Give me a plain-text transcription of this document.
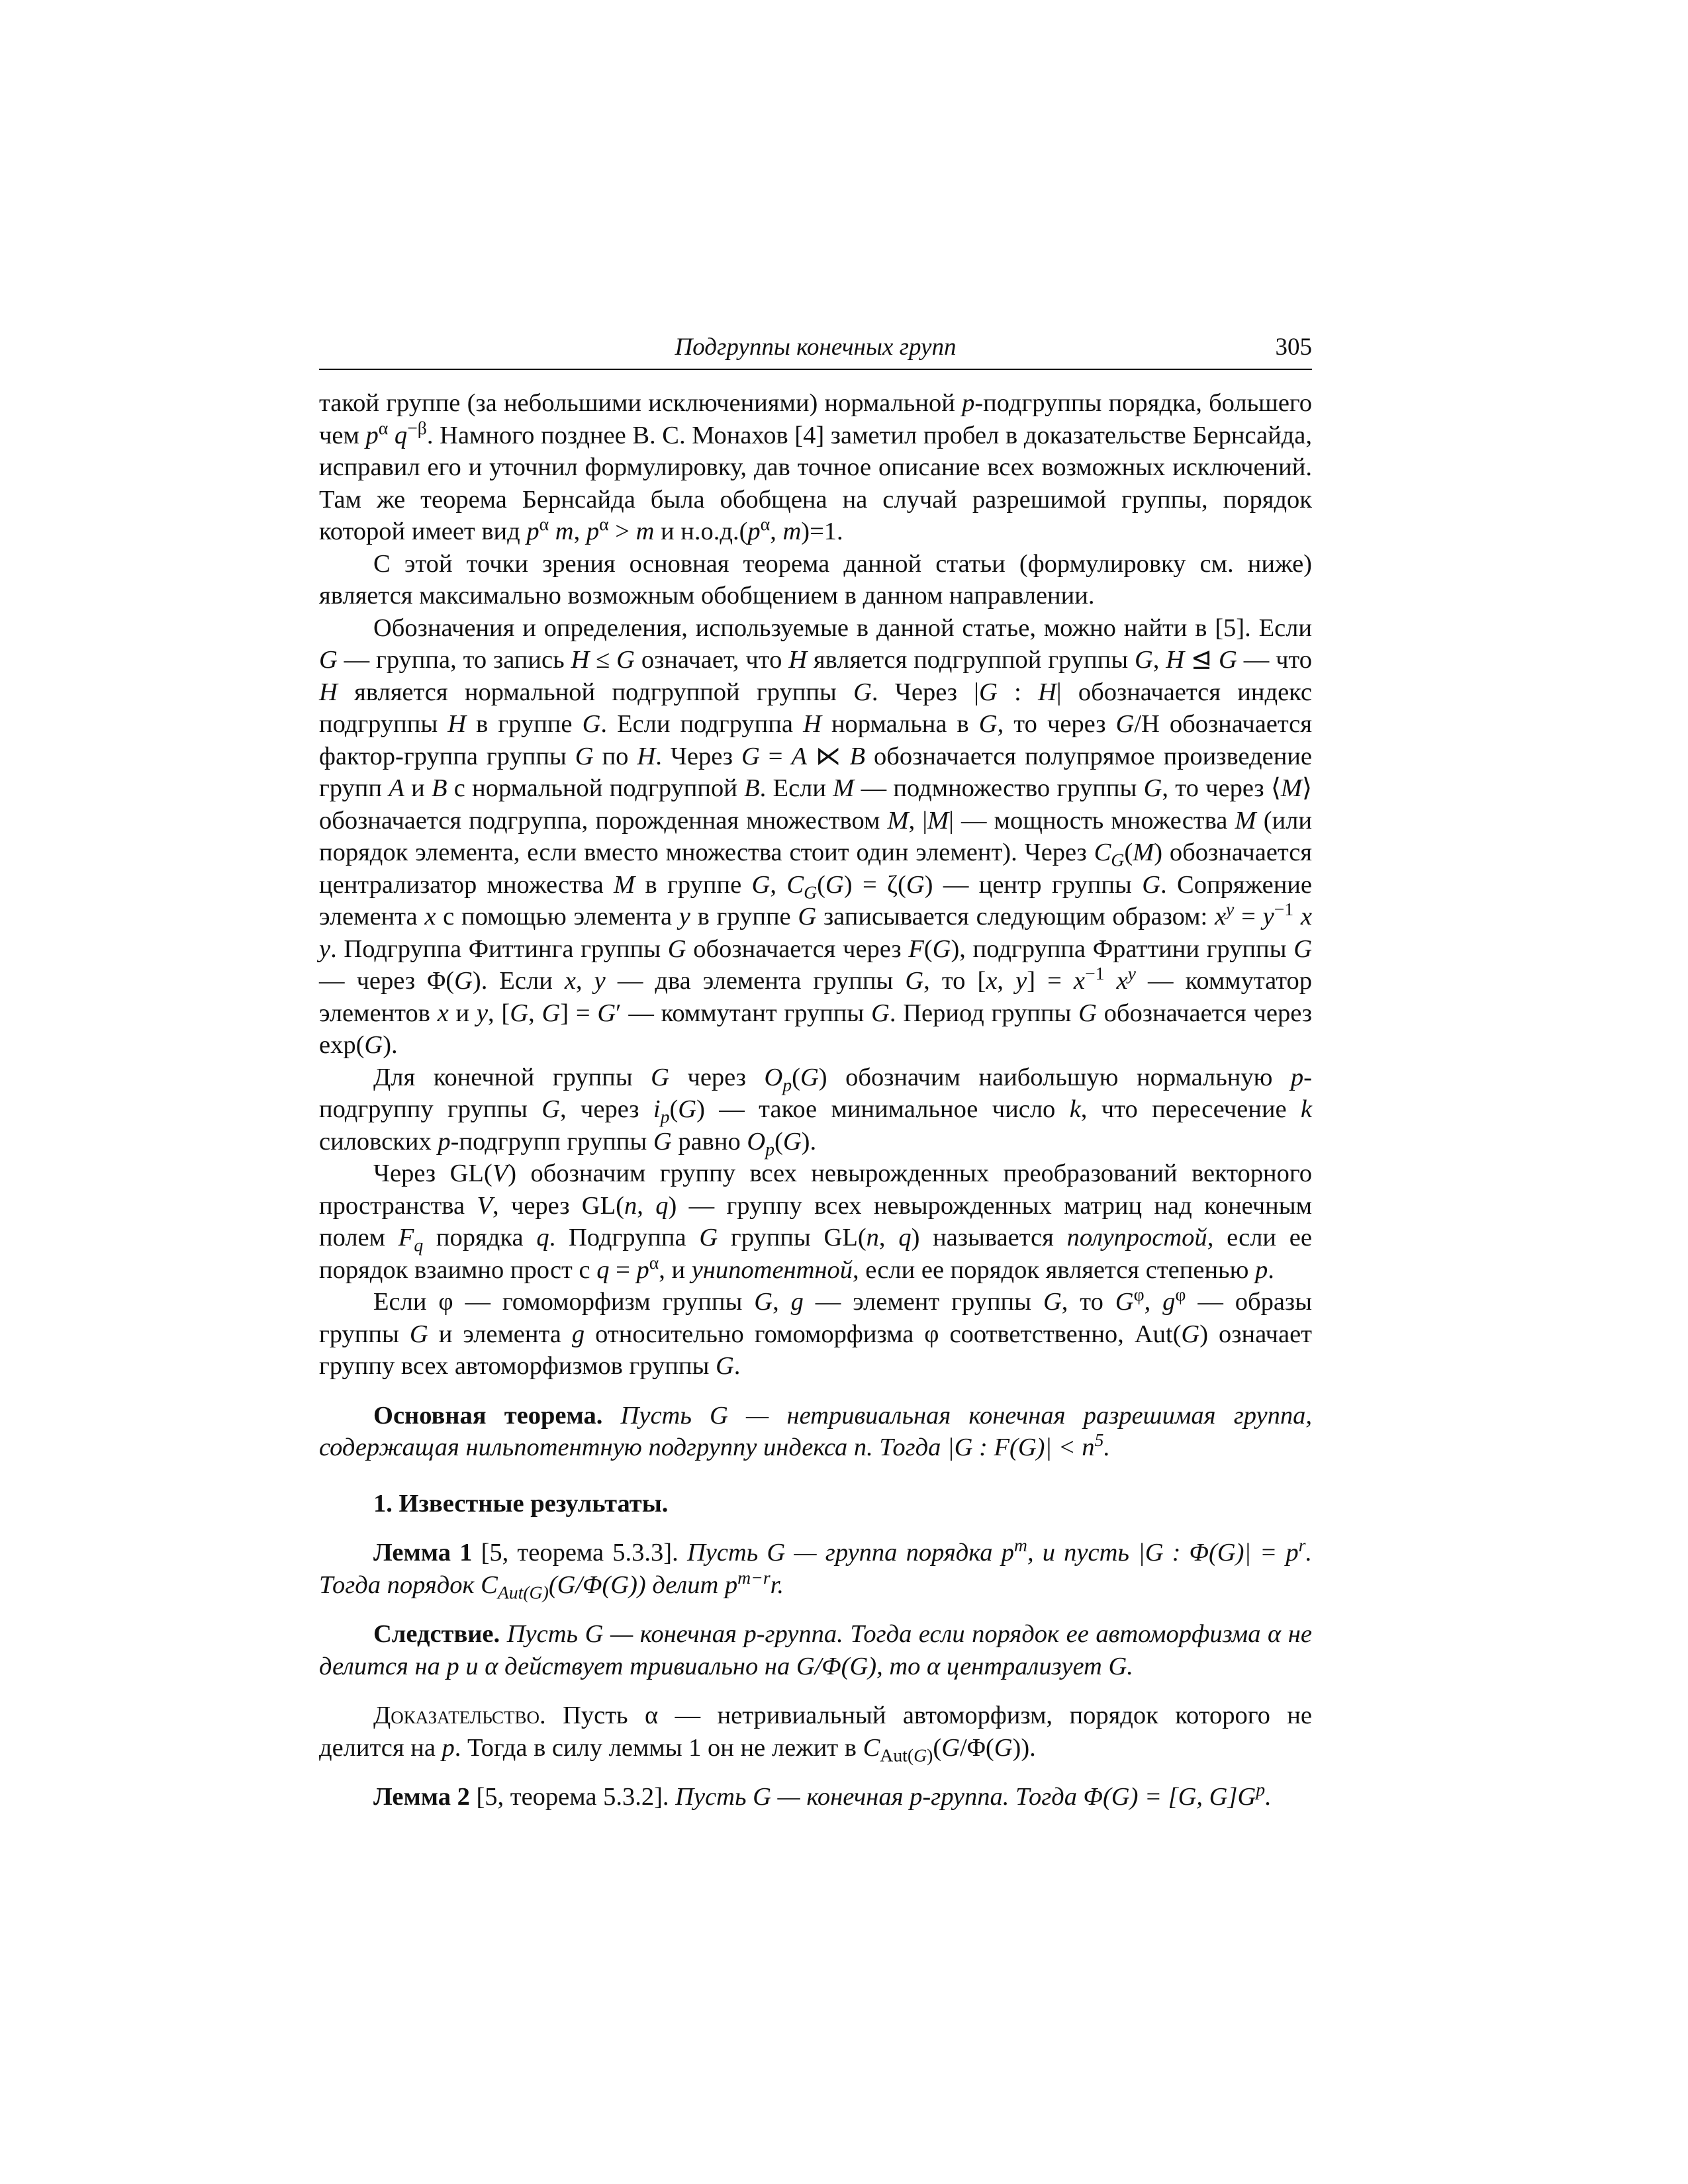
Подгруппы конечных групп	305

такой группе (за небольшими исключениями) нормальной p-подгруппы порядка, большего чем $p^\alpha$ $q^{-\beta}$. Намного позднее В. С. Монахов [4] заметил пробел в доказательстве Бернсайда, исправил его и уточнил формулировку, дав точное описание всех возможных исключений. Там же теорема Бернсайда была обобщена на случай разрешимой группы, порядок которой имеет вид $p^\alpha$ m, $p^\alpha > m$ и $н.о.д.(p^\alpha$, m)=1.

С этой точки зрения основная теорема данной статьи (формулировку см. ниже) является максимально возможным обобщением в данном направлении.

Обозначения и определения, используемые в данной статье, можно найти в [5]. Если G — группа, то запись H ≤ G означает, что H является подгруппой группы G, H ⊴ G — что H является нормальной подгруппой группы G. Через |G : H| обозначается индекс подгруппы H в группе G. Если подгруппа H нормальна в G, то через G/H обозначается фактор-группа группы G по H. Через G = A ⋉ B обозначается полупрямое произведение групп A и B с нормальной подгруппой B. Если M — подмножество группы G, то через ⟨M⟩ обозначается подгруппа, порожденная множеством M, |M| — мощность множества M (или порядок элемента, если вместо множества стоит один элемент). Через $C_G(M)$ обозначается централизатор множества M в группе G, $C_G(G) = \zeta(G)$ — центр группы G. Сопряжение элемента x с помощью элемента y в группе G записывается следующим образом: $x^y = y^{-1}$ x y. Подгруппа Фиттинга группы G обозначается через F(G), подгруппа Фраттини группы G — через Φ(G). Если x, y — два элемента группы G, то [x, $y] = x^{-1}$ $x^y$ — коммутатор элементов x и y, [G, G] = G′ — коммутант группы G. Период группы G обозначается через exp(G).

Для конечной группы G через $O_p(G)$ обозначим наибольшую нормальную p-подгруппу группы G, через $i_p(G)$ — такое минимальное число k, что пересечение k силовских p-подгрупп группы G равно $O_p(G)$.

Через GL(V) обозначим группу всех невырожденных преобразований векторного пространства V, через GL(n, q) — группу всех невырожденных матриц над конечным полем $F_q$ порядка q. Подгруппа G группы GL(n, q) называется полупростой, если ее порядок взаимно прост с $q = p^\alpha$, и унипотентной, если ее порядок является степенью p.

Если φ — гомоморфизм группы G, g — элемент группы G, то $G^\varphi$, $g^\varphi$ — образы группы G и элемента g относительно гомоморфизма φ соответственно, Aut(G) означает группу всех автоморфизмов группы G.

Основная теорема. Пусть G — нетривиальная конечная разрешимая группа, содержащая нильпотентную подгруппу индекса n. Тогда |G : $F(G)| < n^5$.

1. Известные результаты.

Лемма 1 [5, теорема 5.3.3]. Пусть G — группа порядка $p^m$, и пусть |G : $\Phi(G)| = p^r$. Тогда порядок $C_{Aut(G)}(G/\Phi(G))$ делит $p^{m-r}r$.

Следствие. Пусть G — конечная p-группа. Тогда если порядок ее автоморфизма α не делится на p и α действует тривиально на G/Φ(G), то α централизует G.

Доказательство. Пусть α — нетривиальный автоморфизм, порядок которого не делится на p. Тогда в силу леммы 1 он не лежит в $C_{Aut(G)}(G/\Phi(G))$.

Лемма 2 [5, теорема 5.3.2]. Пусть G — конечная p-группа. Тогда Φ(G) = [G, $G]G^p$.
